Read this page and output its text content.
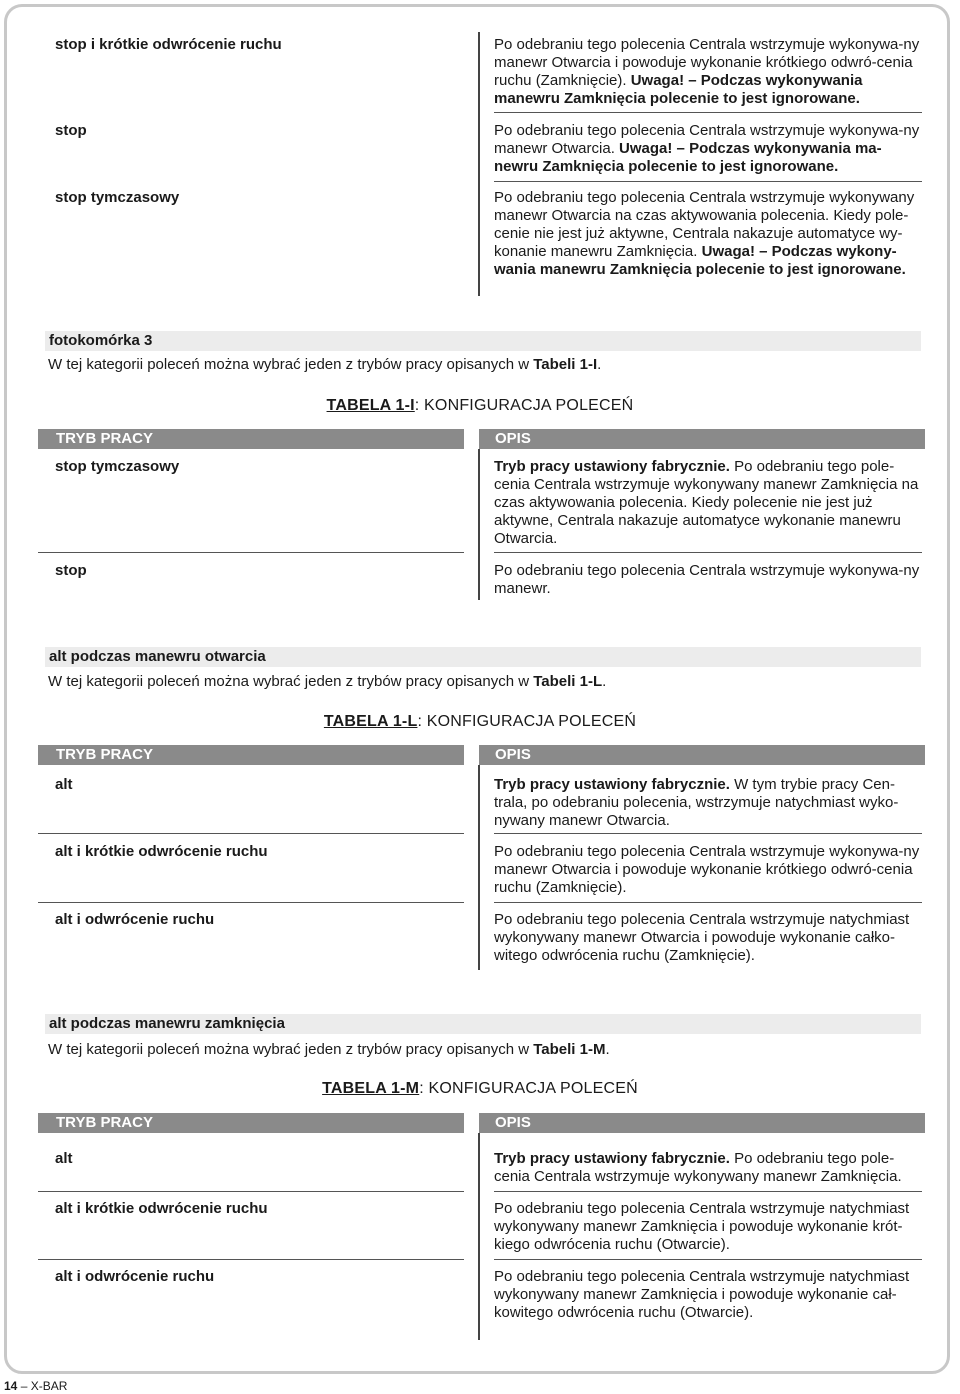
stop i krótkie odwrócenie ruchu	Po odebraniu tego polecenia Centrala wstrzymuje wykonywa-ny manewr Otwarcia i powoduje wykonanie krótkiego odwró-cenia ruchu (Zamknięcie). Uwaga! – Podczas wykonywania manewru Zamknięcia polecenie to jest ignorowane.
stop	Po odebraniu tego polecenia Centrala wstrzymuje wykonywa-ny manewr Otwarcia. Uwaga! – Podczas wykonywania ma-newru Zamknięcia polecenie to jest ignorowane.
stop tymczasowy	Po odebraniu tego polecenia Centrala wstrzymuje wykonywany manewr Otwarcia na czas aktywowania polecenia. Kiedy pole-cenie nie jest już aktywne, Centrala nakazuje automatyce wy-konanie manewru Zamknięcia. Uwaga! – Podczas wykony-wania manewru Zamknięcia polecenie to jest ignorowane.
fotokomórka 3
W tej kategorii poleceń można wybrać jeden z trybów pracy opisanych w Tabeli 1-I.
TABELA 1-I: KONFIGURACJA POLECEŃ
TRYB PRACY	OPIS
stop tymczasowy	Tryb pracy ustawiony fabrycznie. Po odebraniu tego pole-cenia Centrala wstrzymuje wykonywany manewr Zamknięcia na czas aktywowania polecenia. Kiedy polecenie nie jest już aktywne, Centrala nakazuje automatyce wykonanie manewru Otwarcia.
stop	Po odebraniu tego polecenia Centrala wstrzymuje wykonywa-ny manewr.
alt podczas manewru otwarcia
W tej kategorii poleceń można wybrać jeden z trybów pracy opisanych w Tabeli 1-L.
TABELA 1-L: KONFIGURACJA POLECEŃ
TRYB PRACY	OPIS
alt	Tryb pracy ustawiony fabrycznie. W tym trybie pracy Cen-trala, po odebraniu polecenia, wstrzymuje natychmiast wyko-nywany manewr Otwarcia.
alt i krótkie odwrócenie ruchu	Po odebraniu tego polecenia Centrala wstrzymuje wykonywa-ny manewr Otwarcia i powoduje wykonanie krótkiego odwró-cenia ruchu (Zamknięcie).
alt i odwrócenie ruchu	Po odebraniu tego polecenia Centrala wstrzymuje natychmiast wykonywany manewr Otwarcia i powoduje wykonanie całko-witego odwrócenia ruchu (Zamknięcie).
alt podczas manewru zamknięcia
W tej kategorii poleceń można wybrać jeden z trybów pracy opisanych w Tabeli 1-M.
TABELA 1-M: KONFIGURACJA POLECEŃ
TRYB PRACY	OPIS
alt	Tryb pracy ustawiony fabrycznie. Po odebraniu tego pole-cenia Centrala wstrzymuje wykonywany manewr Zamknięcia.
alt i krótkie odwrócenie ruchu	Po odebraniu tego polecenia Centrala wstrzymuje natychmiast wykonywany manewr Zamknięcia i powoduje wykonanie krót-kiego odwrócenia ruchu (Otwarcie).
alt i odwrócenie ruchu	Po odebraniu tego polecenia Centrala wstrzymuje natychmiast wykonywany manewr Zamknięcia i powoduje wykonanie cał-kowitego odwrócenia ruchu (Otwarcie).
14 – X-BAR
